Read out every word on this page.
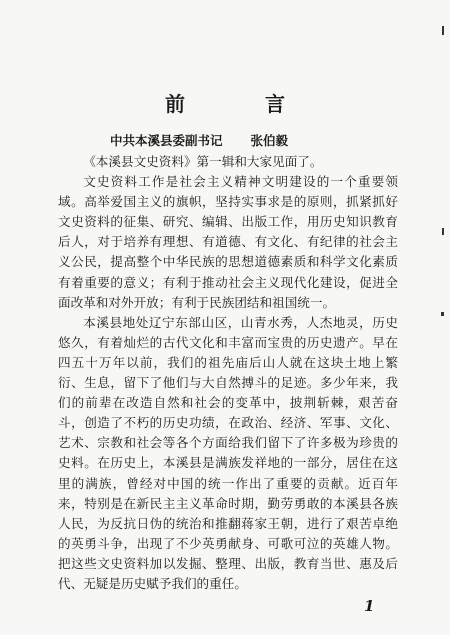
前　言
中共本溪县委副书记 张伯毅

《本溪县文史资料》第一辑和大家见面了。

文史资料工作是社会主义精神文明建设的一个重要领域。高举爱国主义的旗帜，坚持实事求是的原则，抓紧抓好文史资料的征集、研究、编辑、出版工作，用历史知识教育后人，对于培养有理想、有道德、有文化、有纪律的社会主义公民，提高整个中华民族的思想道德素质和科学文化素质有着重要的意义；有利于推动社会主义现代化建设，促进全面改革和对外开放；有利于民族团结和祖国统一。

本溪县地处辽宁东部山区，山青水秀，人杰地灵，历史悠久，有着灿烂的古代文化和丰富而宝贵的历史遗产。早在四五十万年以前，我们的祖先庙后山人就在这块土地上繁衍、生息，留下了他们与大自然搏斗的足迹。多少年来，我们的前辈在改造自然和社会的变革中，披荆斩棘，艰苦奋斗，创造了不朽的历史功绩，在政治、经济、军事、文化、艺术、宗教和社会等各个方面给我们留下了许多极为珍贵的史料。在历史上，本溪县是满族发祥地的一部分，居住在这里的满族，曾经对中国的统一作出了重要的贡献。近百年来，特别是在新民主主义革命时期，勤劳勇敢的本溪县各族人民，为反抗日伪的统治和推翻蒋家王朝，进行了艰苦卓绝的英勇斗争，出现了不少英勇献身、可歌可泣的英雄人物。把这些文史资料加以发掘、整理、出版，教育当世、惠及后代、无疑是历史赋予我们的重任。

1
